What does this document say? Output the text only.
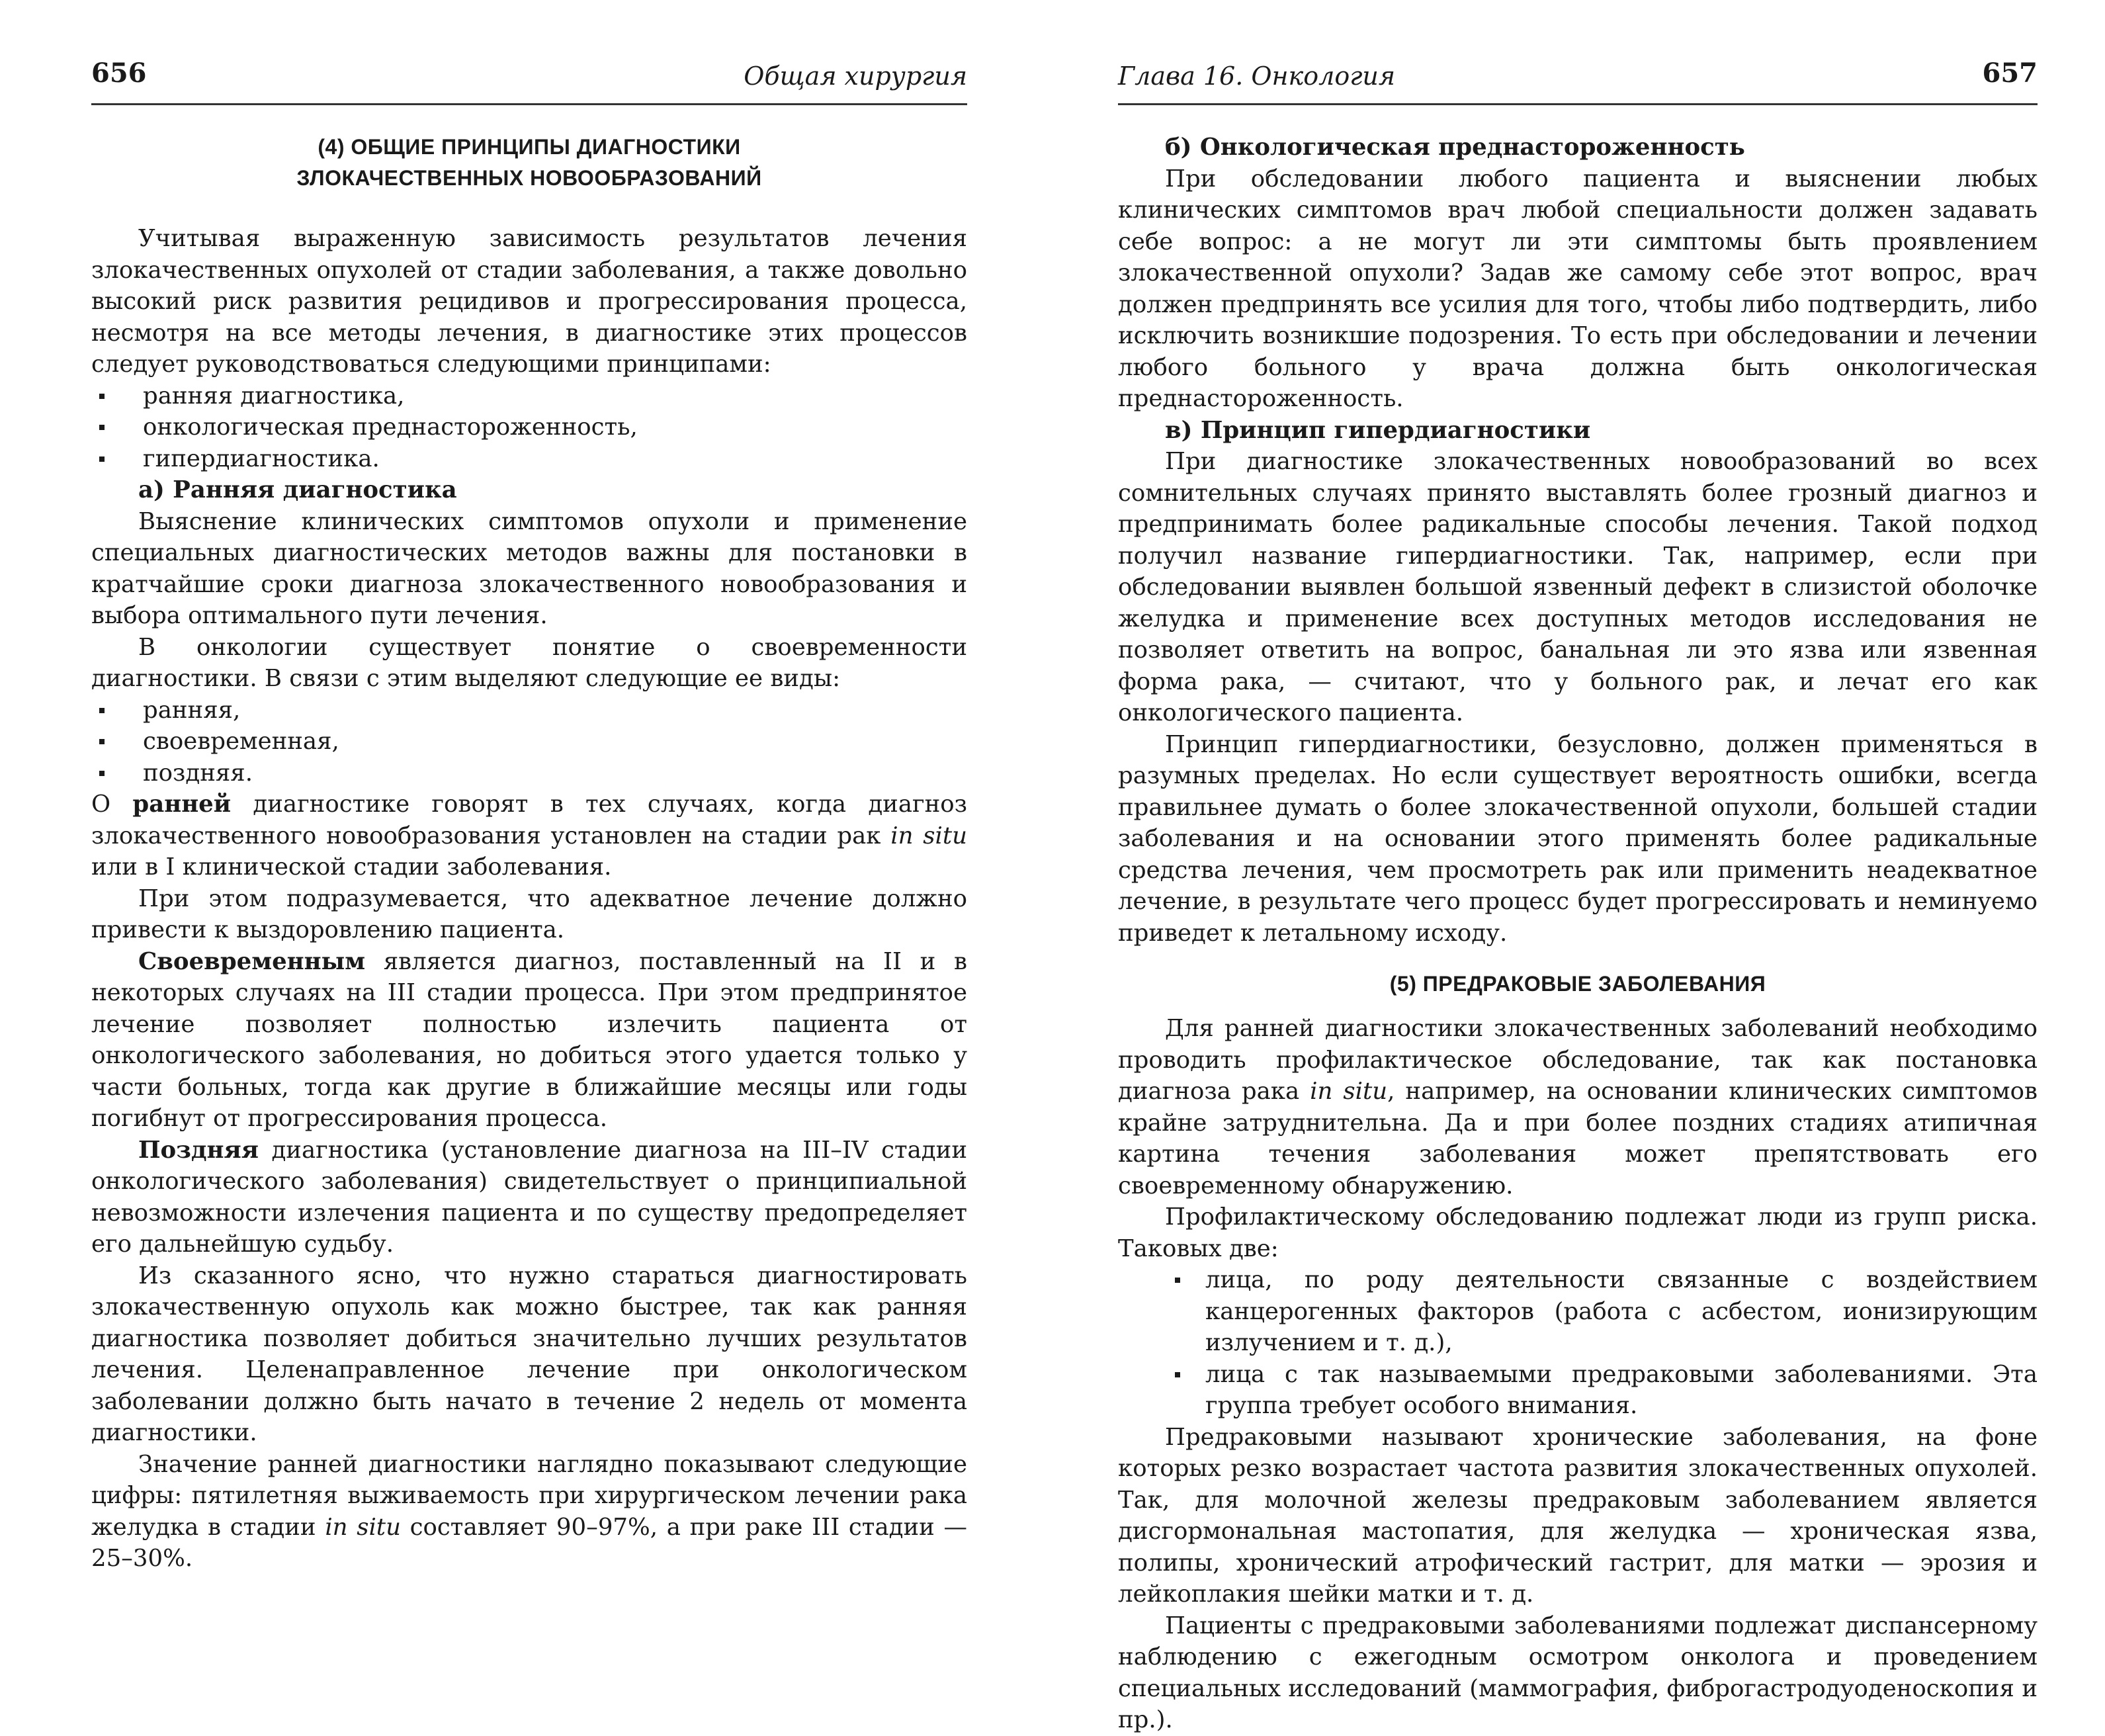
656	Общая хирургия
(4) ОБЩИЕ ПРИНЦИПЫ ДИАГНОСТИКИ
ЗЛОКАЧЕСТВЕННЫХ НОВООБРАЗОВАНИЙ

Учитывая выраженную зависимость результатов лечения злокачественных опухолей от стадии заболевания, а также довольно высокий риск развития рецидивов и прогрессирования процесса, несмотря на все методы лечения, в диагностике этих процессов следует руководствоваться следующими принципами:

ранняя диагностика,
онкологическая преднастороженность,
гипердиагностика.

а) Ранняя диагностика

Выяснение клинических симптомов опухоли и применение специальных диагностических методов важны для постановки в кратчайшие сроки диагноза злокачественного новообразования и выбора оптимального пути лечения.

В онкологии существует понятие о своевременности диагностики. В связи с этим выделяют следующие ее виды:

ранняя,
своевременная,
поздняя.

О ранней диагностике говорят в тех случаях, когда диагноз злокачественного новообразования установлен на стадии рак in situ или в I клинической стадии заболевания.

При этом подразумевается, что адекватное лечение должно привести к выздоровлению пациента.

Своевременным является диагноз, поставленный на II и в некоторых случаях на III стадии процесса. При этом предпринятое лечение позволяет полностью излечить пациента от онкологического заболевания, но добиться этого удается только у части больных, тогда как другие в ближайшие месяцы или годы погибнут от прогрессирования процесса.

Поздняя диагностика (установление диагноза на III–IV стадии онкологического заболевания) свидетельствует о принципиальной невозможности излечения пациента и по существу предопределяет его дальнейшую судьбу.

Из сказанного ясно, что нужно стараться диагностировать злокачественную опухоль как можно быстрее, так как ранняя диагностика позволяет добиться значительно лучших результатов лечения. Целенаправленное лечение при онкологическом заболевании должно быть начато в течение 2 недель от момента диагностики.

Значение ранней диагностики наглядно показывают следующие цифры: пятилетняя выживаемость при хирургическом лечении рака желудка в стадии in situ составляет 90–97%, а при раке III стадии — 25–30%.

Глава 16. Онкология	657

б) Онкологическая преднастороженность

При обследовании любого пациента и выяснении любых клинических симптомов врач любой специальности должен задавать себе вопрос: а не могут ли эти симптомы быть проявлением злокачественной опухоли? Задав же самому себе этот вопрос, врач должен предпринять все усилия для того, чтобы либо подтвердить, либо исключить возникшие подозрения. То есть при обследовании и лечении любого больного у врача должна быть онкологическая преднастороженность.

в) Принцип гипердиагностики

При диагностике злокачественных новообразований во всех сомнительных случаях принято выставлять более грозный диагноз и предпринимать более радикальные способы лечения. Такой подход получил название гипердиагностики. Так, например, если при обследовании выявлен большой язвенный дефект в слизистой оболочке желудка и применение всех доступных методов исследования не позволяет ответить на вопрос, банальная ли это язва или язвенная форма рака, — считают, что у больного рак, и лечат его как онкологического пациента.

Принцип гипердиагностики, безусловно, должен применяться в разумных пределах. Но если существует вероятность ошибки, всегда правильнее думать о более злокачественной опухоли, большей стадии заболевания и на основании этого применять более радикальные средства лечения, чем просмотреть рак или применить неадекватное лечение, в результате чего процесс будет прогрессировать и неминуемо приведет к летальному исходу.

(5) ПРЕДРАКОВЫЕ ЗАБОЛЕВАНИЯ

Для ранней диагностики злокачественных заболеваний необходимо проводить профилактическое обследование, так как постановка диагноза рака in situ, например, на основании клинических симптомов крайне затруднительна. Да и при более поздних стадиях атипичная картина течения заболевания может препятствовать его своевременному обнаружению.

Профилактическому обследованию подлежат люди из групп риска. Таковых две:

лица, по роду деятельности связанные с воздействием канцерогенных факторов (работа с асбестом, ионизирующим излучением и т. д.),
лица с так называемыми предраковыми заболеваниями. Эта группа требует особого внимания.

Предраковыми называют хронические заболевания, на фоне которых резко возрастает частота развития злокачественных опухолей. Так, для молочной железы предраковым заболеванием является дисгормональная мастопатия, для желудка — хроническая язва, полипы, хронический атрофический гастрит, для матки — эрозия и лейкоплакия шейки матки и т. д.

Пациенты с предраковыми заболеваниями подлежат диспансерному наблюдению с ежегодным осмотром онколога и проведением специальных исследований (маммография, фиброгастродуоденоскопия и пр.).
